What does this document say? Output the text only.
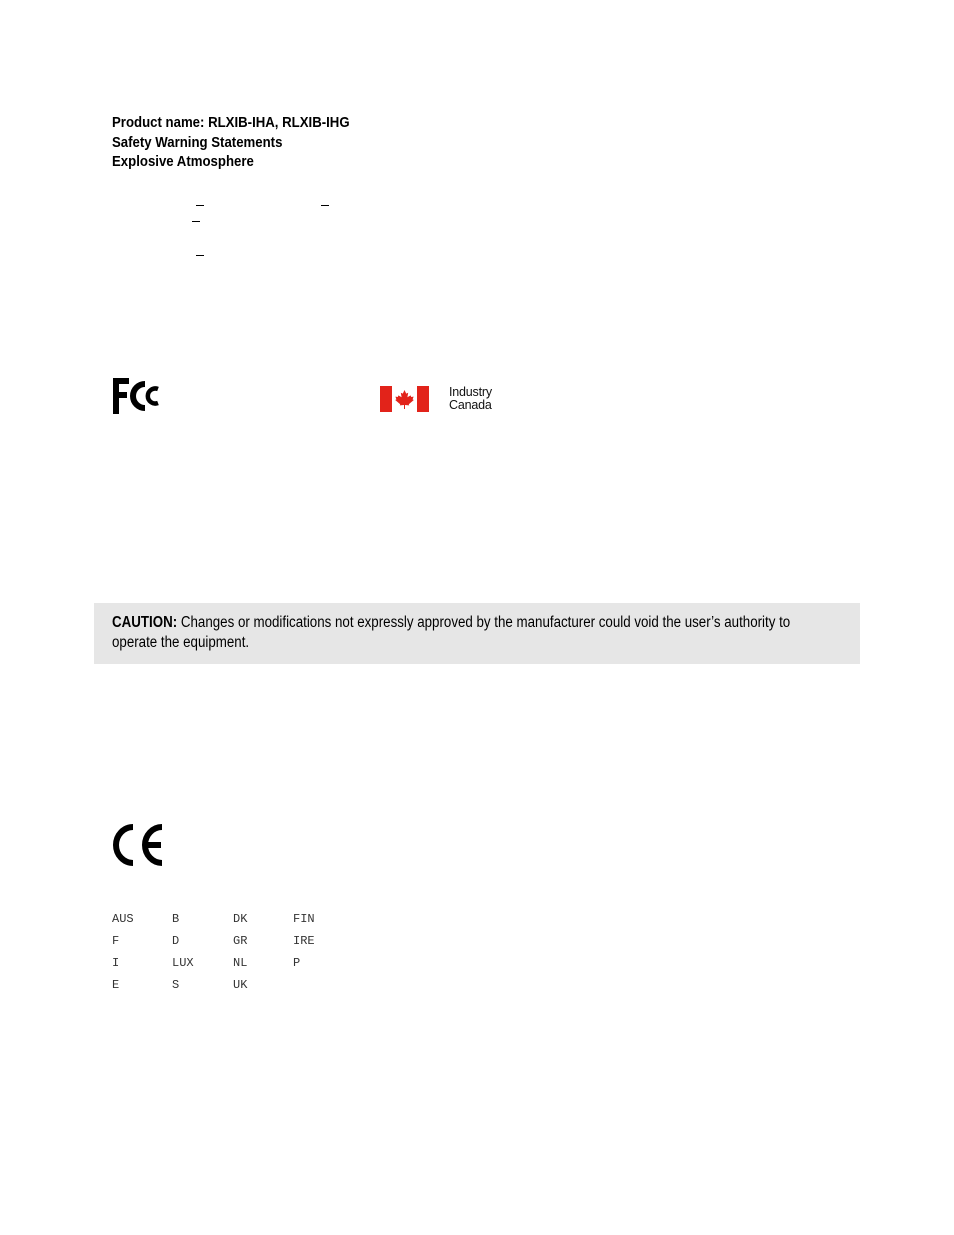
Product name: RLXIB-IHA, RLXIB-IHG
Safety Warning Statements
Explosive Atmosphere
Industry
Canada
CAUTION: Changes or modifications not expressly approved by the manufacturer could void the user’s authority to operate the equipment.
AUS	B	DK	FIN
F	D	GR	IRE
I	LUX	NL	P
E	S	UK
